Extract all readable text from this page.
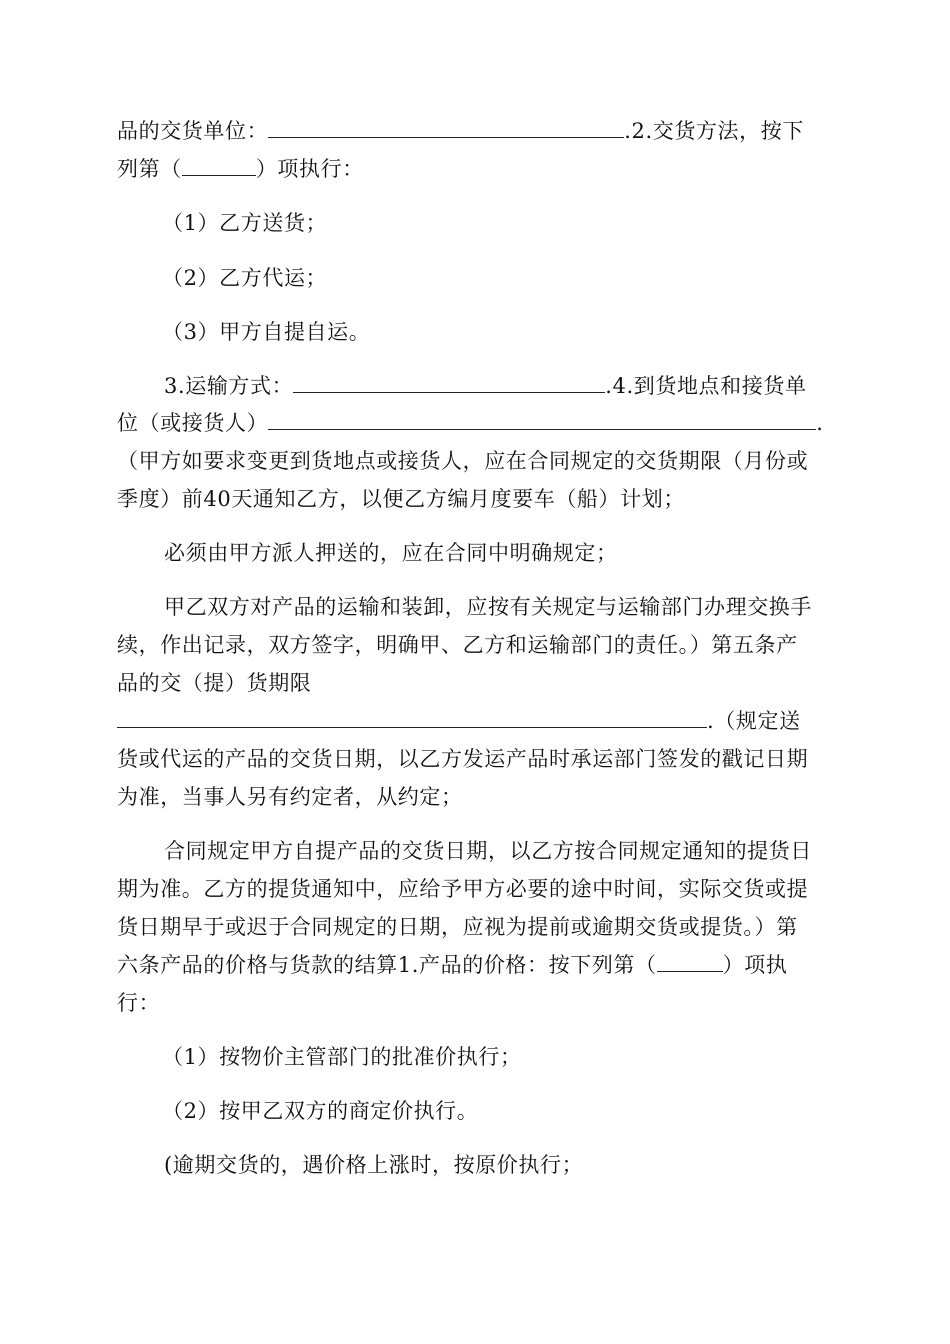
品的交货单位：	.2.交货方法，按下
列第（	）项执行：
（1）乙方送货；
（2）乙方代运；
（3）甲方自提自运。
3.运输方式：	.4.到货地点和接货单
位（或接货人）	.
（甲方如要求变更到货地点或接货人，应在合同规定的交货期限（月份或
季度）前40天通知乙方，以便乙方编月度要车（船）计划；
必须由甲方派人押送的，应在合同中明确规定；
甲乙双方对产品的运输和装卸，应按有关规定与运输部门办理交换手
续，作出记录，双方签字，明确甲、乙方和运输部门的责任。）第五条产
品的交（提）货期限
.（规定送
货或代运的产品的交货日期，以乙方发运产品时承运部门签发的戳记日期
为准，当事人另有约定者，从约定；
合同规定甲方自提产品的交货日期，以乙方按合同规定通知的提货日
期为准。乙方的提货通知中，应给予甲方必要的途中时间，实际交货或提
货日期早于或迟于合同规定的日期，应视为提前或逾期交货或提货。）第
六条产品的价格与货款的结算1.产品的价格：按下列第（	）项执
行：
（1）按物价主管部门的批准价执行；
（2）按甲乙双方的商定价执行。
(逾期交货的，遇价格上涨时，按原价执行；
